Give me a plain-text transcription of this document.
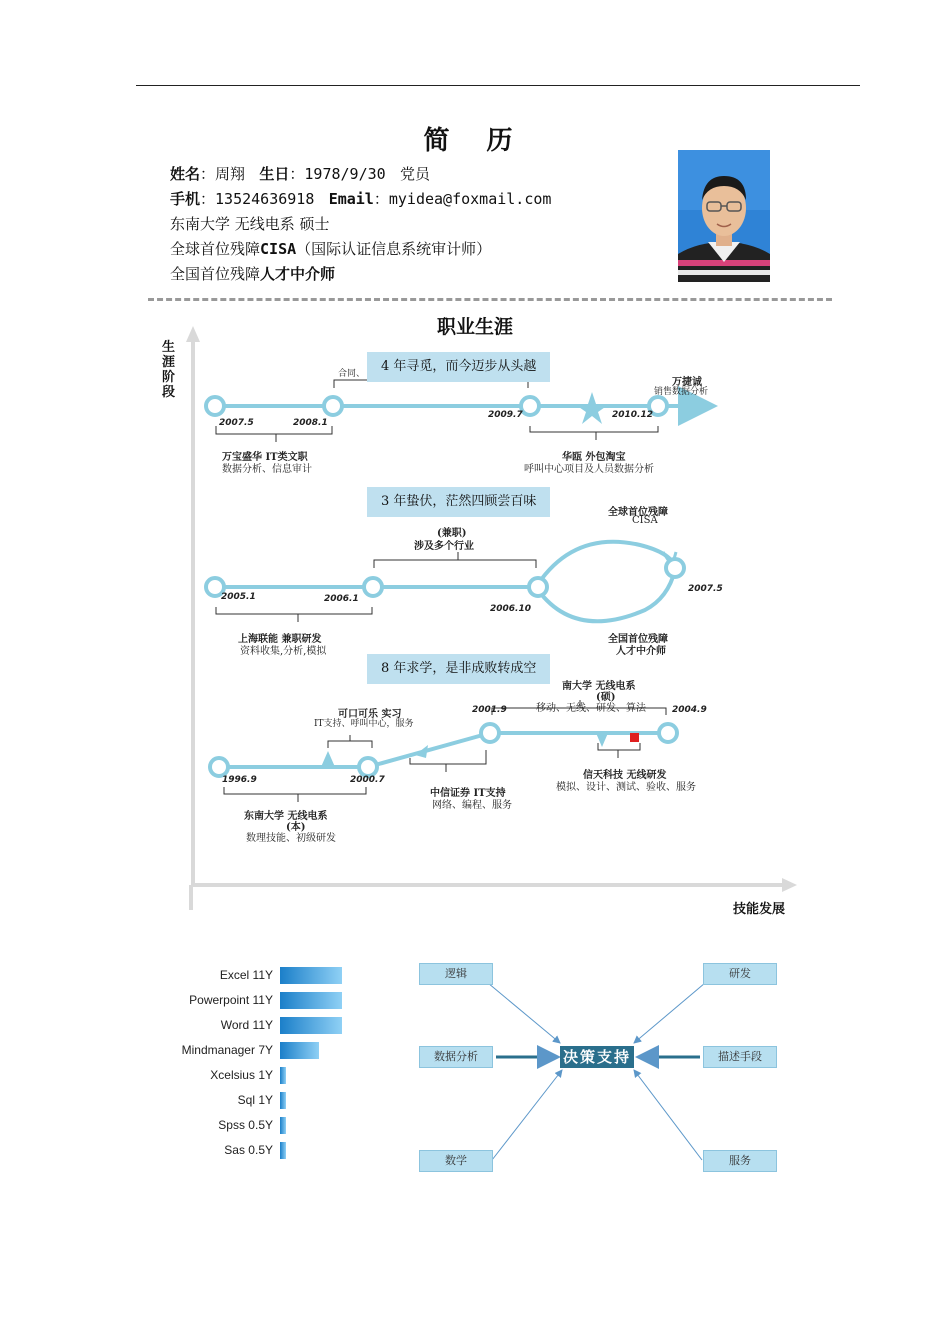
简 历
姓名：周翔 生日：1978/9/30 党员
手机：13524636918 Email：myidea@foxmail.com
东南大学 无线电系 硕士
全球首位残障CISA（国际认证信息系统审计师）
全国首位残障人才中介师
职业生涯
生涯阶段
技能发展
4 年寻觅，而今迈步从头越
3 年蛰伏，茫然四顾尝百味
8 年求学，是非成败转成空
合同、
2007.5	2008.1
2009.7	2010.12
万宝盛华 IT类文职
数据分析、信息审计
华瓯 外包淘宝
呼叫中心项目及人员数据分析
万捷诚
销售数据分析
2005.1	2006.1
2006.10
2007.5
(兼职)
涉及多个行业
上海联能 兼职研发
资料收集,分析,模拟
全球首位残障
CISA
全国首位残障
人才中介师
1996.9	2000.7
2001.9	2004.9
南大学 无线电系
(硕)
移动、无线、研发、算法
可口可乐 实习
IT支持、呼叫中心，服务
中信证券 IT支持
网络、编程、服务
信天科技 无线研发
模拟、设计、测试、验收、服务
东南大学 无线电系
(本)
数理技能、初级研发
Excel 11Y
Powerpoint 11Y
Word 11Y
Mindmanager 7Y
Xcelsius 1Y
Sql 1Y
Spss 0.5Y
Sas 0.5Y
逻辑	研发
数据分析	描述手段
数学	服务
决策支持
